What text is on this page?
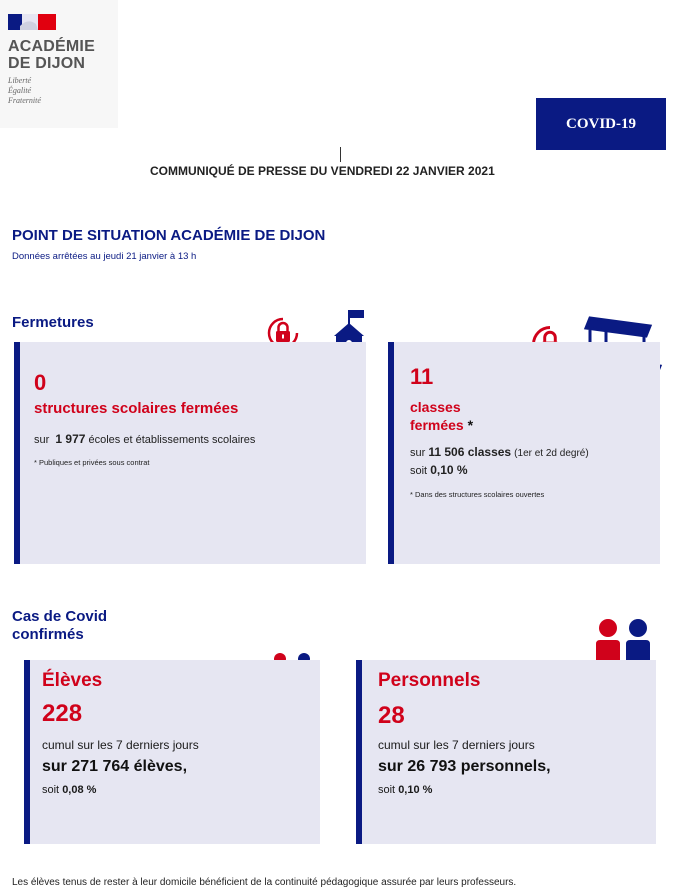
ACADÉMIE
DE DIJON
Liberté
Égalité
Fraternité
COVID-19
COMMUNIQUÉ DE PRESSE DU VENDREDI 22 JANVIER 2021
POINT DE SITUATION ACADÉMIE DE DIJON
Données arrêtées au jeudi 21 janvier à 13 h
Fermetures
0
structures scolaires fermées
sur 1 977 écoles et établissements scolaires
* Publiques et privées sous contrat
11
classes fermées *
sur 11 506 classes (1er et 2d degré)
soit 0,10 %
* Dans des structures scolaires ouvertes
Cas de Covid confirmés
Élèves
228
cumul sur les 7 derniers jours
sur 271 764 élèves,
soit 0,08 %
Personnels
28
cumul sur les 7 derniers jours
sur 26 793 personnels,
soit 0,10 %
Les élèves tenus de rester à leur domicile bénéficient de la continuité pédagogique assurée par leurs professeurs.
